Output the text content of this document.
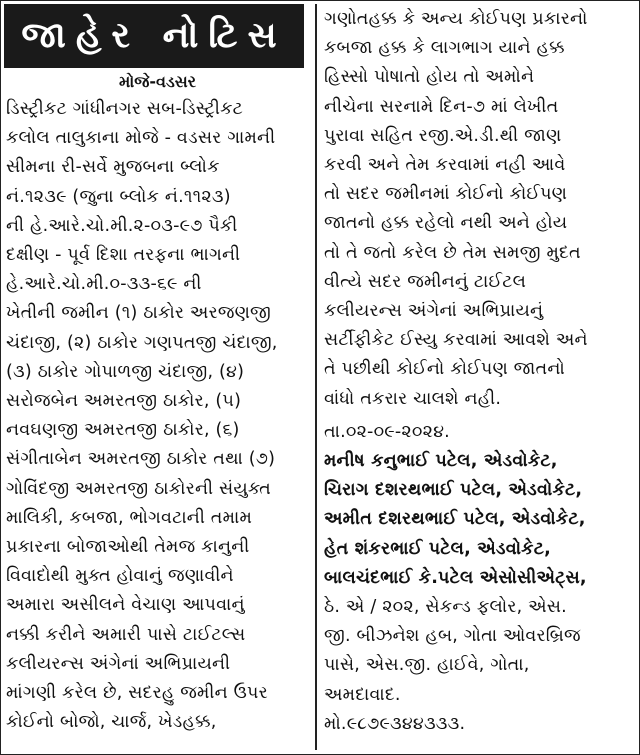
જાહેર નોટિસ
મોજે-વડસર
ડિસ્ટ્રીકટ ગાંધીનગર સબ-ડિસ્ટ્રીકટ
કલોલ તાલુકાના મોજે - વડસર ગામની
સીમના રી-સર્વે મુજબના બ્લોક
નં.૧૨૩૯ (જુના બ્લોક નં.૧૧૨૩)
ની હે.આરે.ચો.મી.૨-૦૩-૯૭ પૈકી
દક્ષીણ - પૂર્વ દિશા તરફના ભાગની
હે.આરે.ચો.મી.૦-૩૩-૬૯ ની
ખેતીની જમીન (૧) ઠાકોર અરજણજી
ચંદાજી, (૨) ઠાકોર ગણપતજી ચંદાજી,
(૩) ઠાકોર ગોપાળજી ચંદાજી, (૪)
સરોજબેન અમરતજી ઠાકોર, (૫)
નવઘણજી અમરતજી ઠાકોર, (૬)
સંગીતાબેન અમરતજી ઠાકોર તથા (૭)
ગોવિંદજી અમરતજી ઠાકોરની સંયુક્ત
માલિકી, કબજા, ભોગવટાની તમામ
પ્રકારના બોજાઓથી તેમજ કાનુની
વિવાદોથી મુક્ત હોવાનું જણાવીને
અમારા અસીલને વેચાણ આપવાનું
નક્કી કરીને અમારી પાસે ટાઈટલ્સ
કલીયરન્સ અંગેનાં અભિપ્રાયની
માંગણી કરેલ છે, સદરહુ જમીન ઉપર
કોઈનો બોજો, ચાર્જ, ખેડહક્ક,
ગણોતહક્ક કે અન્ય કોઈપણ પ્રકારનો
કબજા હક્ક કે લાગભાગ યાને હક્ક
હિસ્સો પોષાતો હોય તો અમોને
નીચેના સરનામે દિન-૭ માં લેખીત
પુરાવા સહિત રજી.એ.ડી.થી જાણ
કરવી અને તેમ કરવામાં નહી આવે
તો સદર જમીનમાં કોઈનો કોઈપણ
જાતનો હક્ક રહેલો નથી અને હોય
તો તે જતો કરેલ છે તેમ સમજી મુદત
વીત્યે સદર જમીનનું ટાઈટલ
કલીયરન્સ અંગેનાં અભિપ્રાયનું
સર્ટીફીકેટ ઈસ્યુ કરવામાં આવશે અને
તે પછીથી કોઈનો કોઈપણ જાતનો
વાંધો તકરાર ચાલશે નહી.
તા.૦૨-૦૯-૨૦૨૪.
મનીષ કનુભાઈ પટેલ, એડવોકેટ,
ચિરાગ દશરથભાઈ પટેલ, એડવોકેટ,
અમીત દશરથભાઈ પટેલ, એડવોકેટ,
હેત શંકરભાઈ પટેલ, એડવોકેટ,
બાલચંદભાઈ કે.પટેલ એસોસીએટ્સ,
ઠે. એ / ૨૦૨, સેકન્ડ ફલોર, એસ.
જી. બીઝનેશ હબ, ગોતા ઓવરબ્રિજ
પાસે, એસ.જી. હાઈવે, ગોતા,
અમદાવાદ.
મો.૯૮૭૯૩૪૪૩૩૩.
